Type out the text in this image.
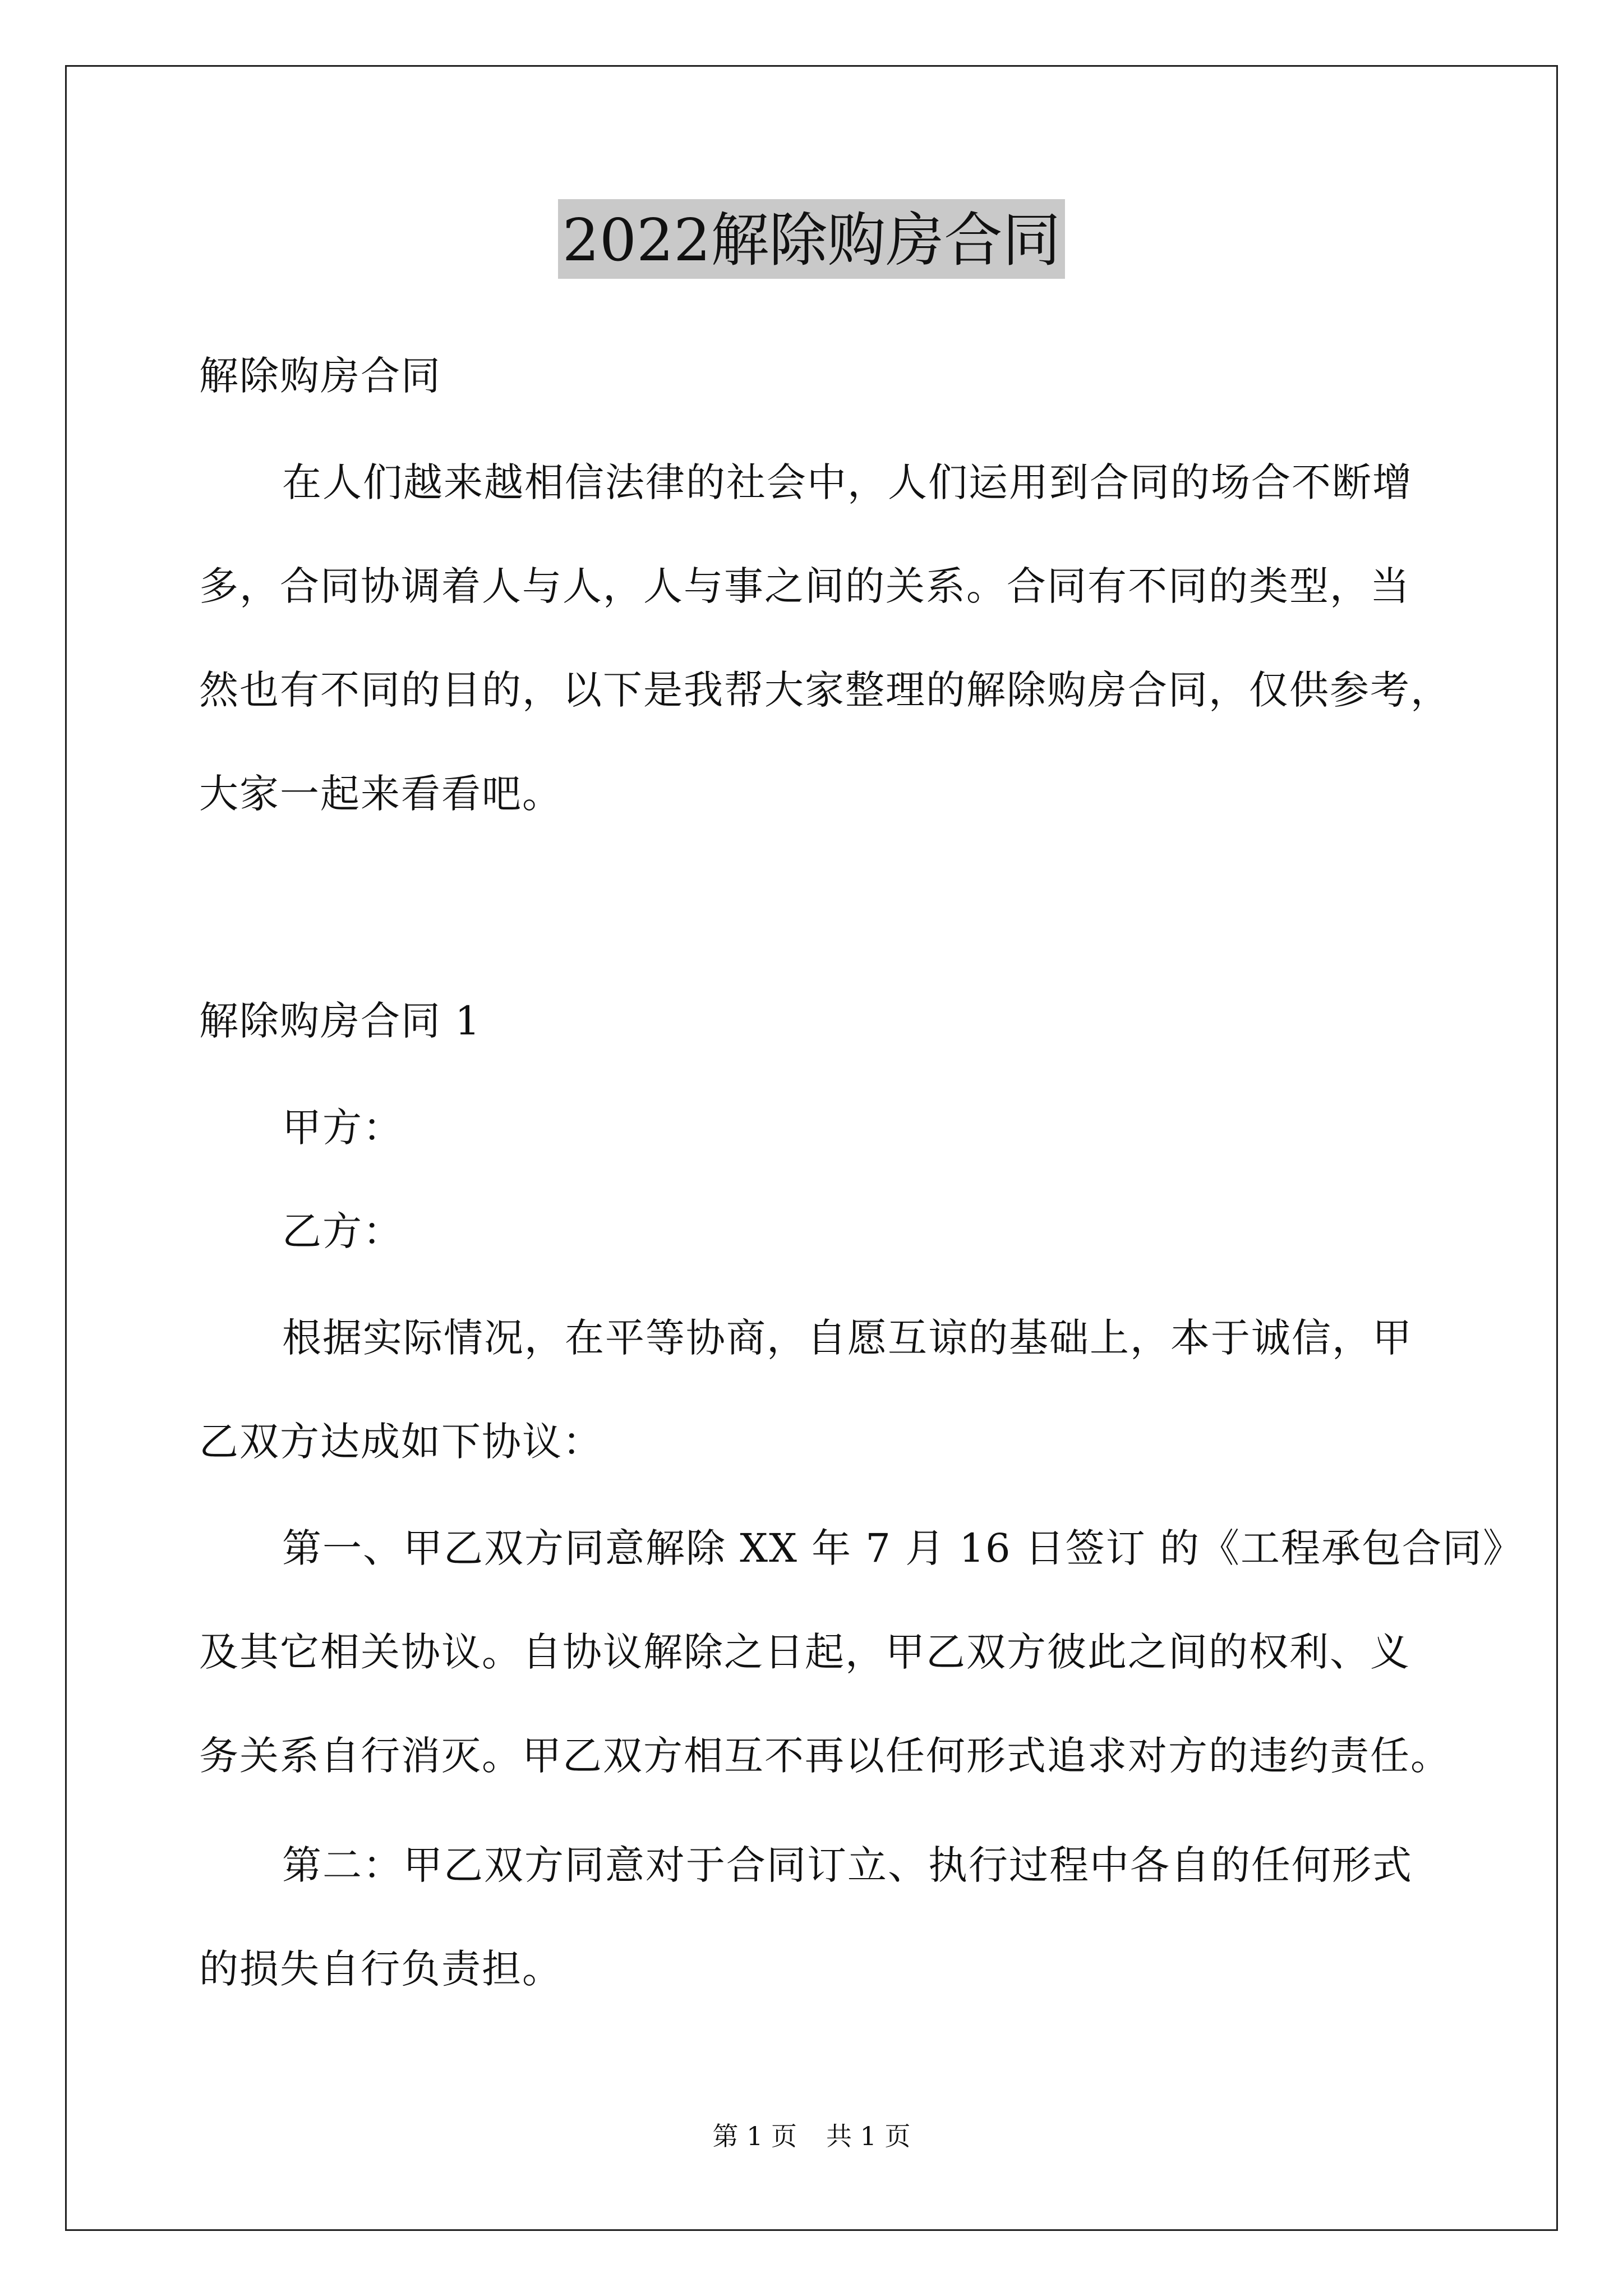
2022解除购房合同
解除购房合同
在人们越来越相信法律的社会中，人们运用到合同的场合不断增
多，合同协调着人与人，人与事之间的关系。合同有不同的类型，当
然也有不同的目的，以下是我帮大家整理的解除购房合同，仅供参考，
大家一起来看看吧。
解除购房合同 1
甲方：
乙方：
根据实际情况，在平等协商，自愿互谅的基础上，本于诚信，甲
乙双方达成如下协议：
第一、甲乙双方同意解除 XX 年 7 月 16 日签订 的《工程承包合同》
及其它相关协议。自协议解除之日起，甲乙双方彼此之间的权利、义
务关系自行消灭。甲乙双方相互不再以任何形式追求对方的违约责任。
第二：甲乙双方同意对于合同订立、执行过程中各自的任何形式
的损失自行负责担。
第 1 页 共 1 页
